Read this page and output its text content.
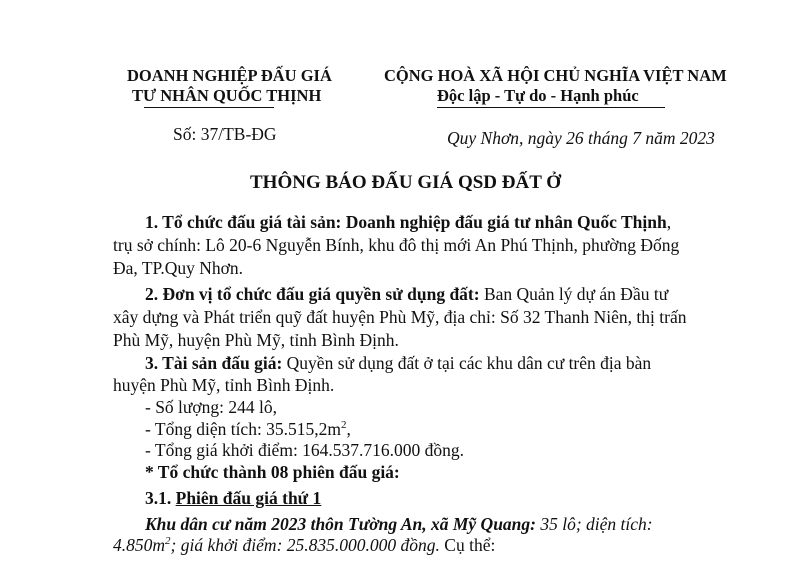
DOANH NGHIỆP ĐẤU GIÁ
TƯ NHÂN QUỐC THỊNH
CỘNG HOÀ XÃ HỘI CHỦ NGHĨA VIỆT NAM
Độc lập - Tự do - Hạnh phúc
Số: 37/TB-ĐG	Quy Nhơn, ngày 26 tháng 7 năm 2023
THÔNG BÁO ĐẤU GIÁ QSD ĐẤT Ở
1. Tổ chức đấu giá tài sản: Doanh nghiệp đấu giá tư nhân Quốc Thịnh,
trụ sở chính: Lô 20-6 Nguyễn Bính, khu đô thị mới An Phú Thịnh, phường Đống
Đa, TP.Quy Nhơn.
2. Đơn vị tổ chức đấu giá quyền sử dụng đất: Ban Quản lý dự án Đầu tư
xây dựng và Phát triển quỹ đất huyện Phù Mỹ, địa chỉ: Số 32 Thanh Niên, thị trấn
Phù Mỹ, huyện Phù Mỹ, tỉnh Bình Định.
3. Tài sản đấu giá: Quyền sử dụng đất ở tại các khu dân cư trên địa bàn
huyện Phù Mỹ, tỉnh Bình Định.
- Số lượng: 244 lô,
- Tổng diện tích: $35.515,2m^2$,
- Tổng giá khởi điểm: 164.537.716.000 đồng.
* Tổ chức thành 08 phiên đấu giá:
3.1. Phiên đấu giá thứ 1
Khu dân cư năm 2023 thôn Tường An, xã Mỹ Quang: 35 lô; diện tích:
$4.850m^2$; giá khởi điểm: 25.835.000.000 đồng. Cụ thể:
